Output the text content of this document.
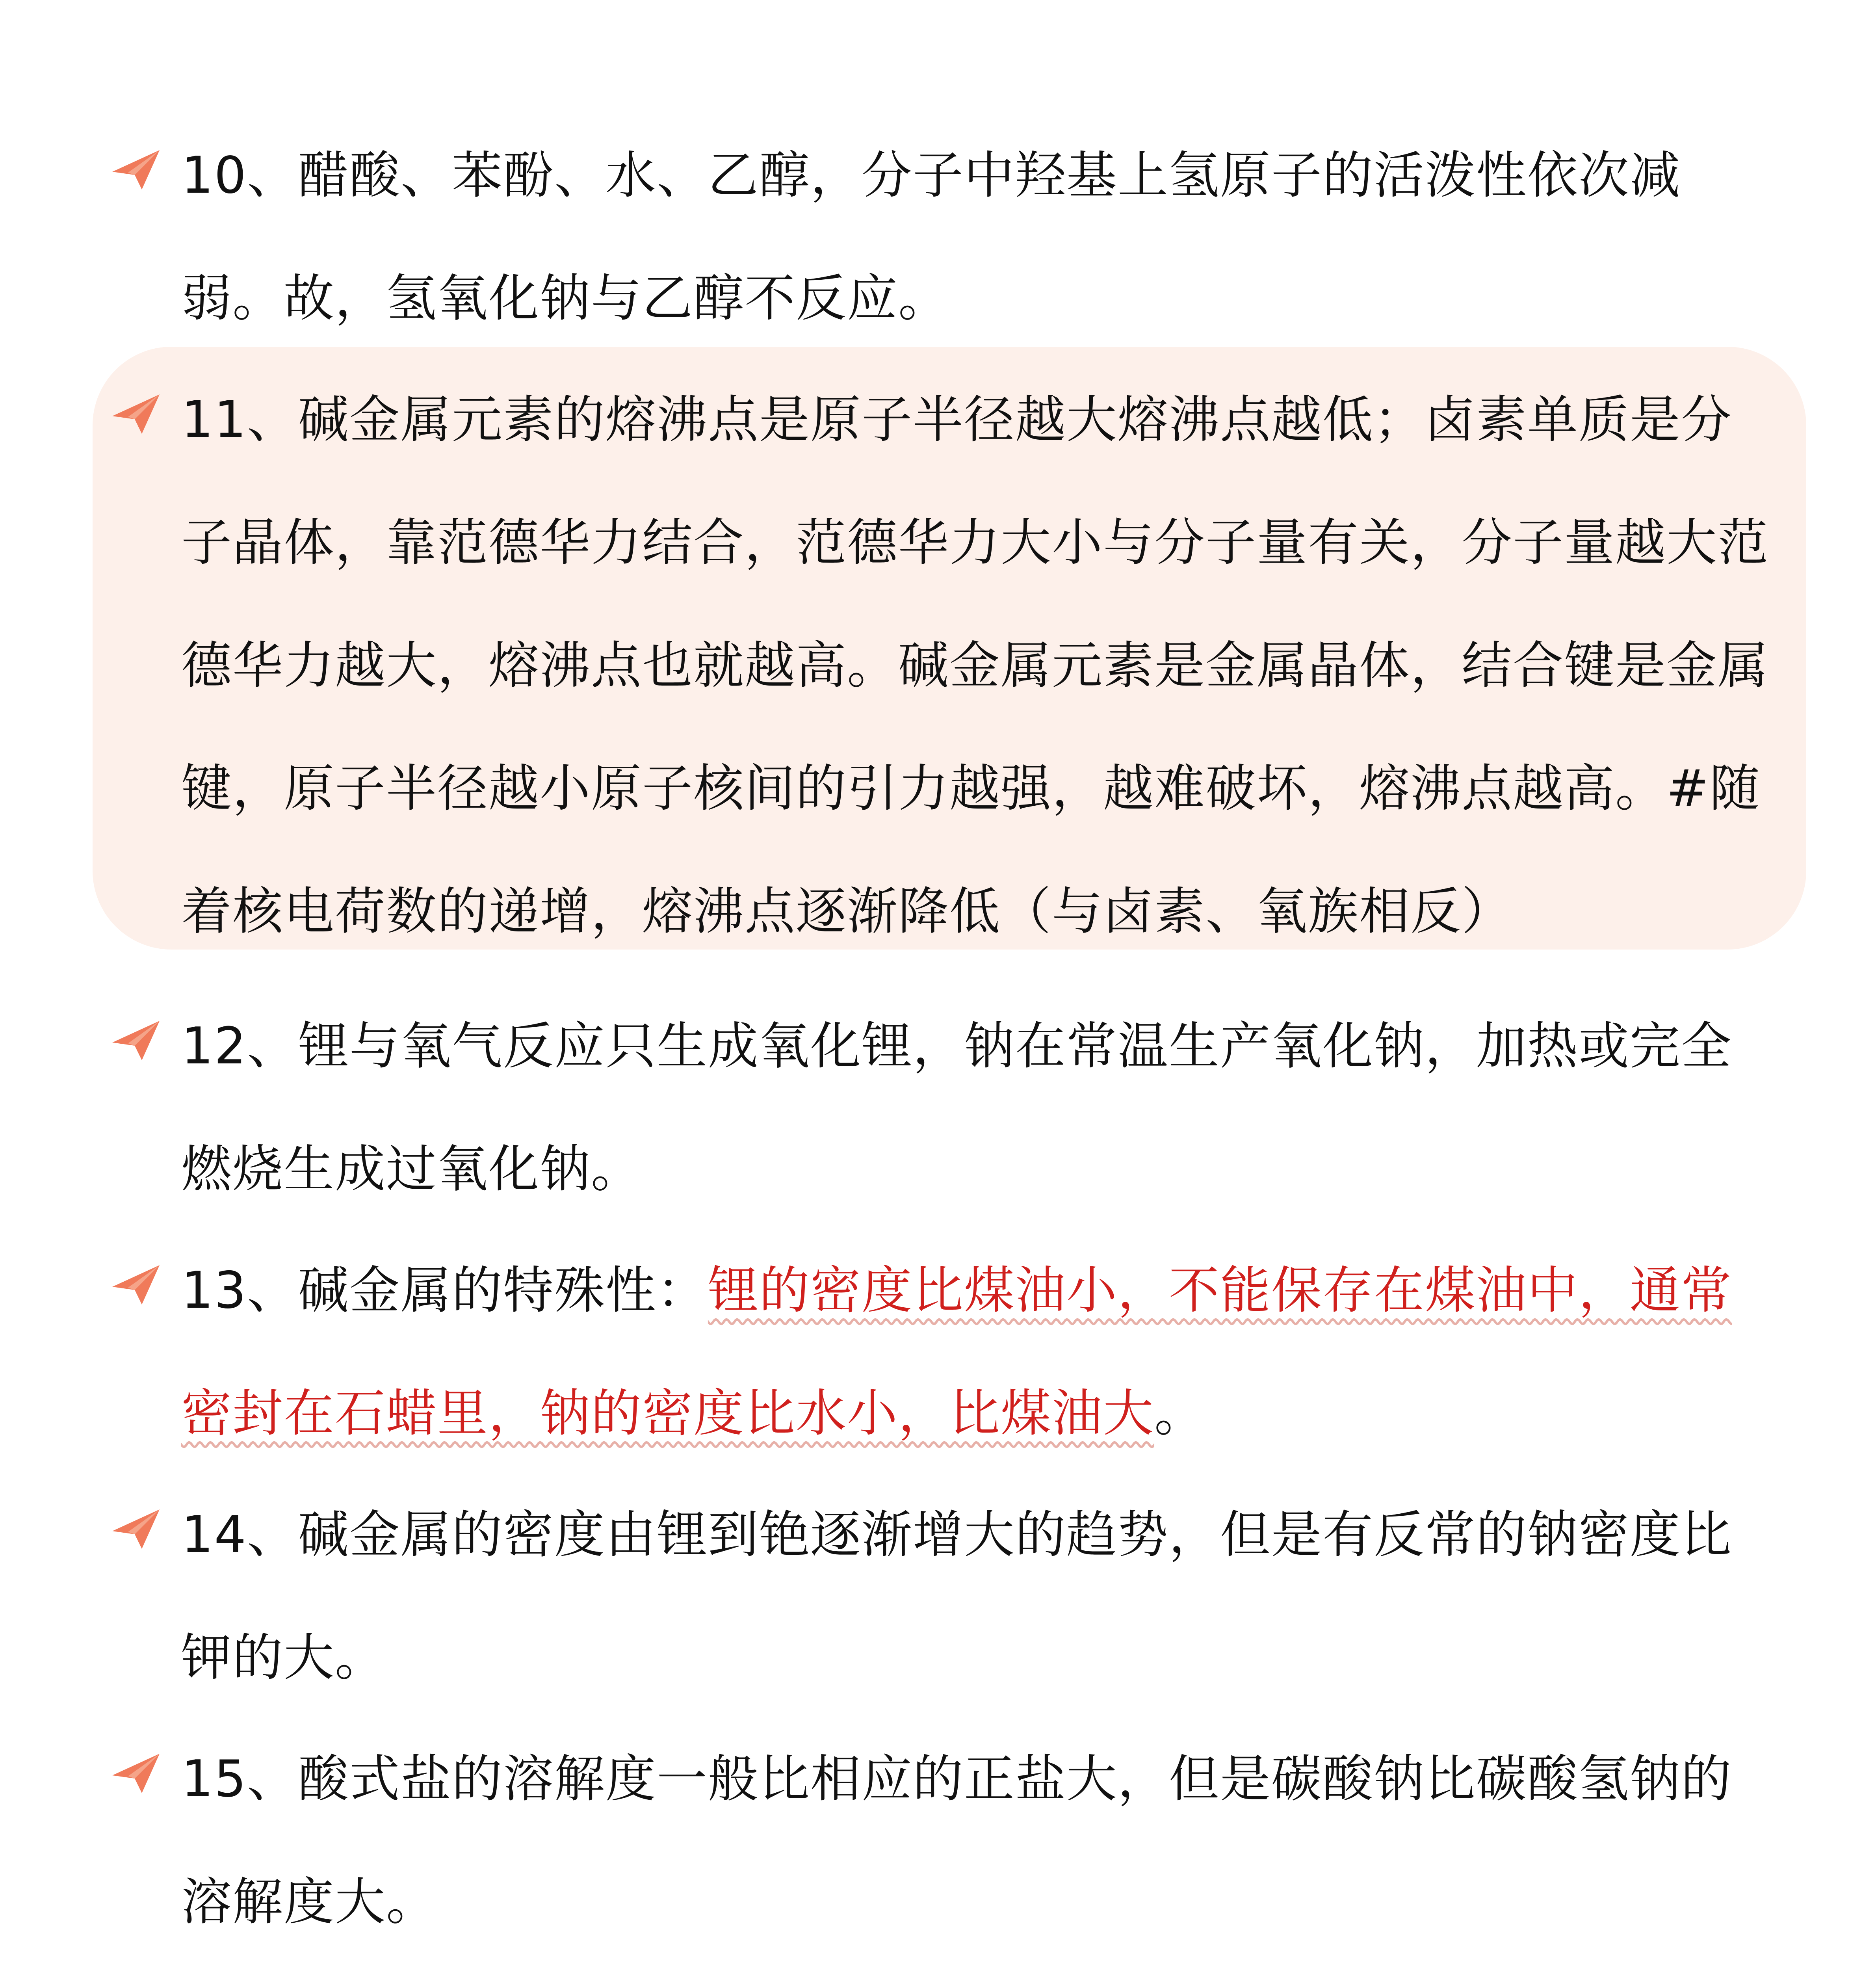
10、醋酸、苯酚、水、乙醇，分子中羟基上氢原子的活泼性依次减弱。故，氢氧化钠与乙醇不反应。
11、碱金属元素的熔沸点是原子半径越大熔沸点越低；卤素单质是分子晶体，靠范德华力结合，范德华力大小与分子量有关，分子量越大范德华力越大，熔沸点也就越高。碱金属元素是金属晶体，结合键是金属键，原子半径越小原子核间的引力越强，越难破坏，熔沸点越高。#随着核电荷数的递增，熔沸点逐渐降低（与卤素、氧族相反）
12、锂与氧气反应只生成氧化锂，钠在常温生产氧化钠，加热或完全燃烧生成过氧化钠。
13、碱金属的特殊性：锂的密度比煤油小，不能保存在煤油中，通常密封在石蜡里，钠的密度比水小，比煤油大。
14、碱金属的密度由锂到铯逐渐增大的趋势，但是有反常的钠密度比钾的大。
15、酸式盐的溶解度一般比相应的正盐大，但是碳酸钠比碳酸氢钠的溶解度大。
